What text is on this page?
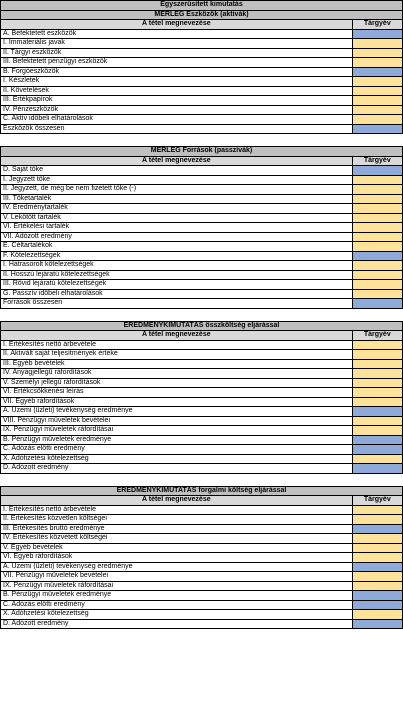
Egyszerűsített kimutatás	
MÉRLEG Eszközök (aktívák)	
A tétel megnevezése	Tárgyév
A. Befektetett eszközök	
I. Immateriális javak	
II. Tárgyi eszközök	
III. Befektetett pénzügyi eszközök	
B. Forgóeszközök	
I. Készletek	
II. Követelések	
III. Értékpapírok	
IV. Pénzeszközök	
C. Aktív időbeli elhatárolások	
Eszközök összesen	
MÉRLEG Források (passzívák)	
A tétel megnevezése	Tárgyév
D. Saját tőke	
I. Jegyzett tőke	
II. Jegyzett, de még be nem fizetett tőke (-)	
III. Tőketartalék	
IV. Eredménytartalék	
V. Lekötött tartalék	
VI. Értékelési tartalék	
VII. Adózott eredmény	
E. Céltartalékok	
F. Kötelezettségek	
I. Hátrasorolt kötelezettségek	
II. Hosszú lejáratú kötelezettségek	
III. Rövid lejáratú kötelezettségek	
G. Passzív időbeli elhatárolások	
Források összesen	
EREDMÉNYKIMUTATÁS összköltség eljárással	
A tétel megnevezése	Tárgyév
I. Értékesítés nettó árbevétele	
II. Aktivált saját teljesítmények értéke	
III. Egyéb bevételek	
IV. Anyagjellegű ráfordítások	
V. Személyi jellegű ráfordítások	
VI. Értékcsökkenési leírás	
VII. Egyéb ráfordítások	
A. Üzemi (üzleti) tevékenység eredménye	
VIII. Pénzügyi műveletek bevételei	
IX. Pénzügyi műveletek ráfordításai	
B. Pénzügyi műveletek eredménye	
C. Adózás előtti eredmény	
X. Adófizetési kötelezettség	
D. Adózott eredmény	
EREDMÉNYKIMUTATÁS forgalmi költség eljárással	
A tétel megnevezése	Tárgyév
I. Értékesítés nettó árbevétele	
II. Értékesítés közvetlen költségei	
III. Értékesítés bruttó eredménye	
IV. Értékesítés közvetett költségei	
V. Egyéb bevételek	
VI. Egyéb ráfordítások	
A. Üzemi (üzleti) tevékenység eredménye	
VII. Pénzügyi műveletek bevételei	
IX. Pénzügyi műveletek ráfordításai	
B. Pénzügyi műveletek eredménye	
C. Adózás előtti eredmény	
X. Adófizetési kötelezettség	
D. Adózott eredmény	
